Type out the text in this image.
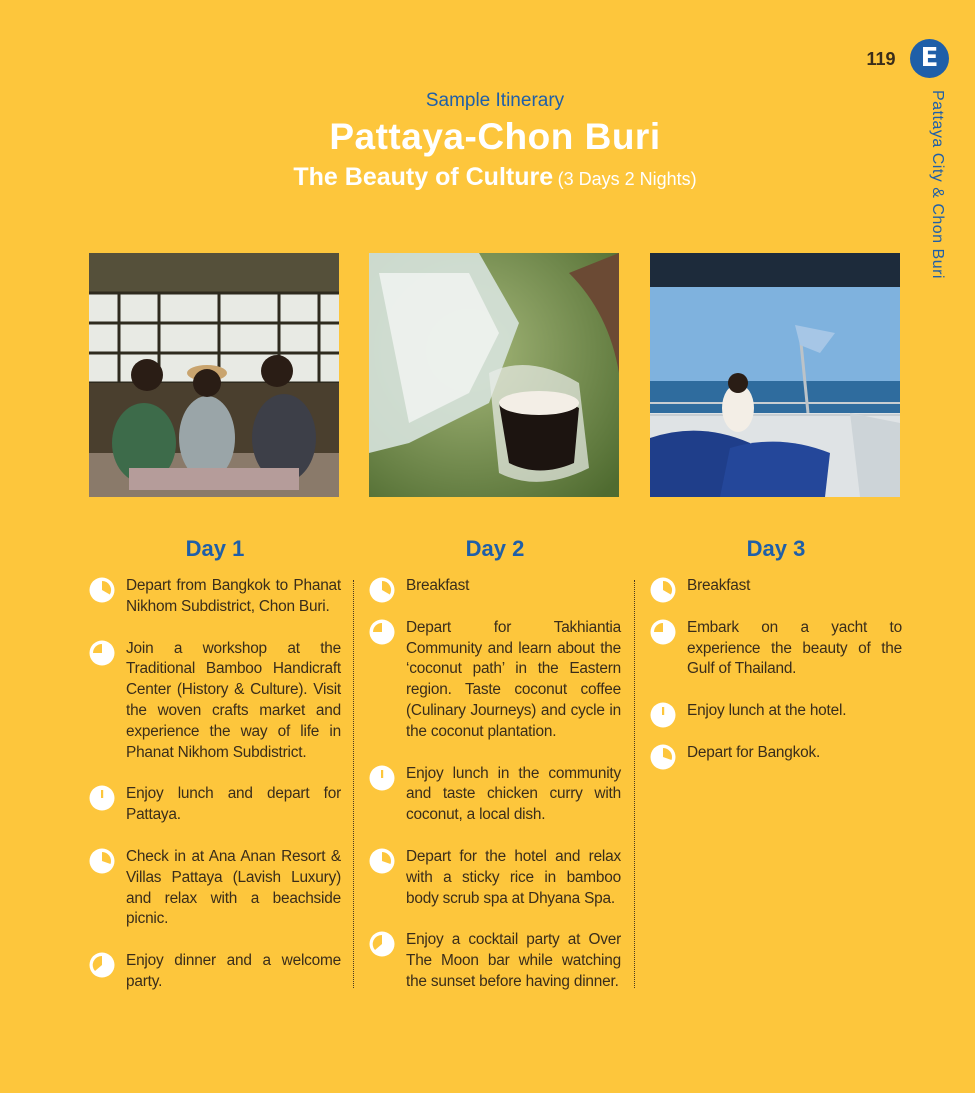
119 E
Pattaya City & Chon Buri
Sample Itinerary
Pattaya-Chon Buri
The Beauty of Culture (3 Days 2 Nights)
Day 1
Depart from Bangkok to Phanat Nikhom Subdistrict, Chon Buri.
Join a workshop at the Traditional Bamboo Handicraft Center (History & Culture). Visit the woven crafts market and experience the way of life in Phanat Nikhom Subdistrict.
Enjoy lunch and depart for Pattaya.
Check in at Ana Anan Resort & Villas Pattaya (Lavish Luxury) and relax with a beachside picnic.
Enjoy dinner and a welcome party.
Day 2
Breakfast
Depart for Takhiantia Community and learn about the ‘coconut path’ in the Eastern region. Taste coconut coffee (Culinary Journeys) and cycle in the coconut plantation.
Enjoy lunch in the community and taste chicken curry with coconut, a local dish.
Depart for the hotel and relax with a sticky rice in bamboo body scrub spa at Dhyana Spa.
Enjoy a cocktail party at Over The Moon bar while watching the sunset before having dinner.
Day 3
Breakfast
Embark on a yacht to experience the beauty of the Gulf of Thailand.
Enjoy lunch at the hotel.
Depart for Bangkok.
